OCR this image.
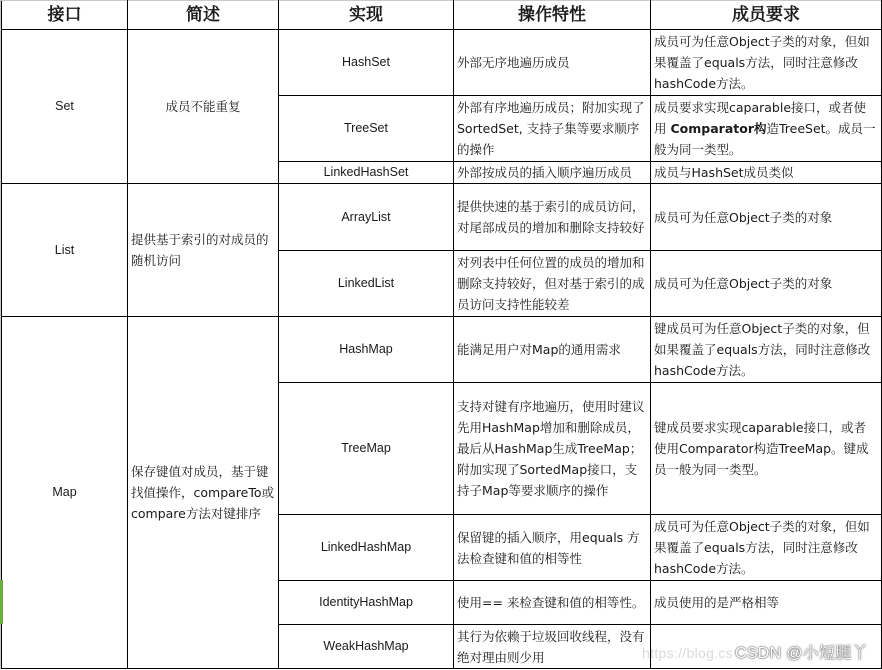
接口	简述	实现	操作特性	成员要求
Set	成员不能重复	HashSet	外部无序地遍历成员	成员可为任意Object子类的对象，但如果覆盖了equals方法，同时注意修改hashCode方法。
		TreeSet	外部有序地遍历成员；附加实现了SortedSet, 支持子集等要求顺序的操作	成员要求实现caparable接口，或者使用 Comparator构造TreeSet。成员一般为同一类型。
		LinkedHashSet	外部按成员的插入顺序遍历成员	成员与HashSet成员类似
List	提供基于索引的对成员的随机访问	ArrayList	提供快速的基于索引的成员访问，对尾部成员的增加和删除支持较好	成员可为任意Object子类的对象
		LinkedList	对列表中任何位置的成员的增加和删除支持较好，但对基于索引的成员访问支持性能较差	成员可为任意Object子类的对象
Map	保存键值对成员，基于键找值操作，compareTo或compare方法对键排序	HashMap	能满足用户对Map的通用需求	键成员可为任意Object子类的对象，但如果覆盖了equals方法，同时注意修改hashCode方法。
		TreeMap	支持对键有序地遍历，使用时建议先用HashMap增加和删除成员，最后从HashMap生成TreeMap；附加实现了SortedMap接口，支持子Map等要求顺序的操作	键成员要求实现caparable接口，或者使用Comparator构造TreeMap。键成员一般为同一类型。
		LinkedHashMap	保留键的插入顺序，用equals 方法检查键和值的相等性	成员可为任意Object子类的对象，但如果覆盖了equals方法，同时注意修改hashCode方法。
		IdentityHashMap	使用== 来检查键和值的相等性。	成员使用的是严格相等
		WeakHashMap	其行为依赖于垃圾回收线程，没有绝对理由则少用		https://blog.cs CSDN @小短腿丫
